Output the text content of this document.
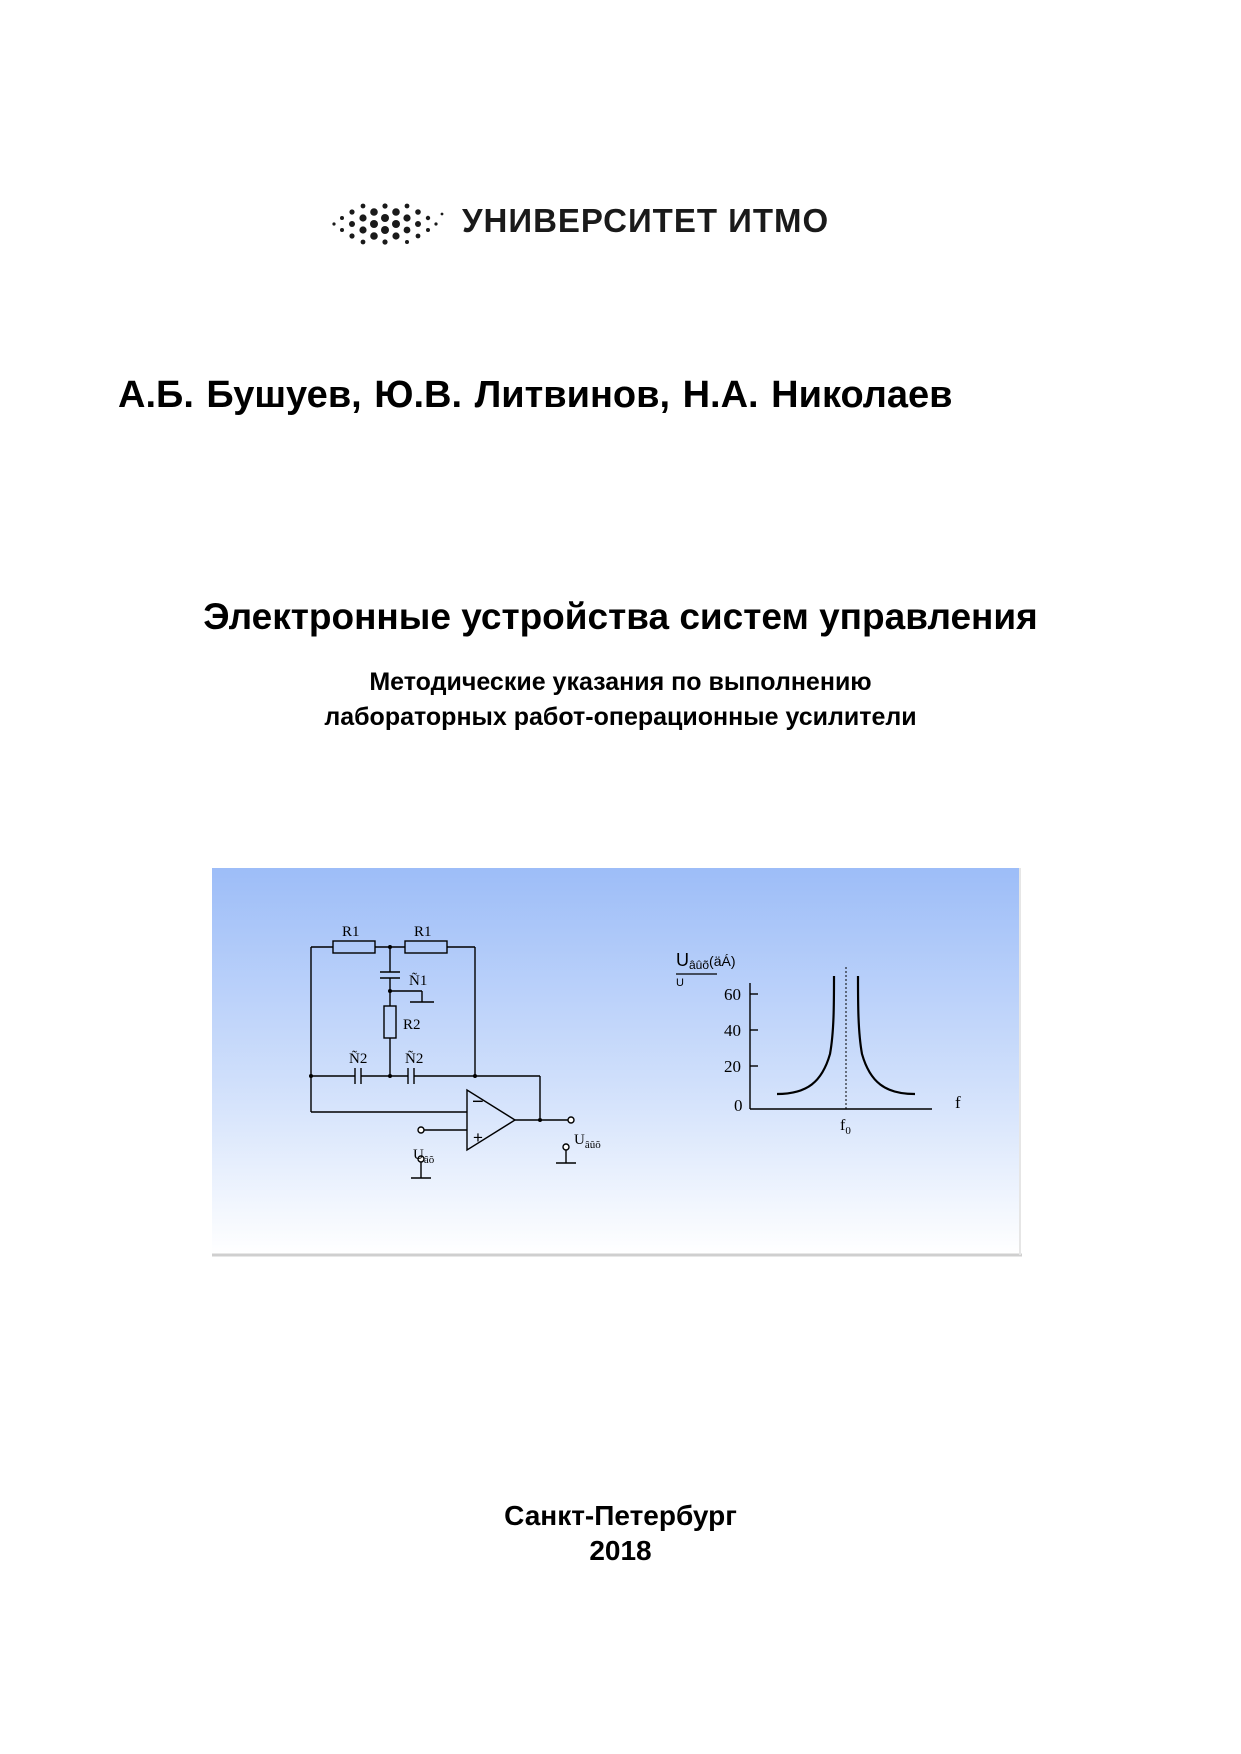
УНИВЕРСИТЕТ ИТМО
А.Б. Бушуев, Ю.В. Литвинов, Н.А. Николаев
Электронные устройства систем управления
Методические указания по выполнению
лабораторных работ-операционные усилители
R1	R1
Ñ1
R2
Ñ2	Ñ2
−
+
$U_{âõ}$
$U_{âûõ}$
Uâûõ(äÁ)
U
60
40
20
0	f
$f_0$
Санкт-Петербург
2018
